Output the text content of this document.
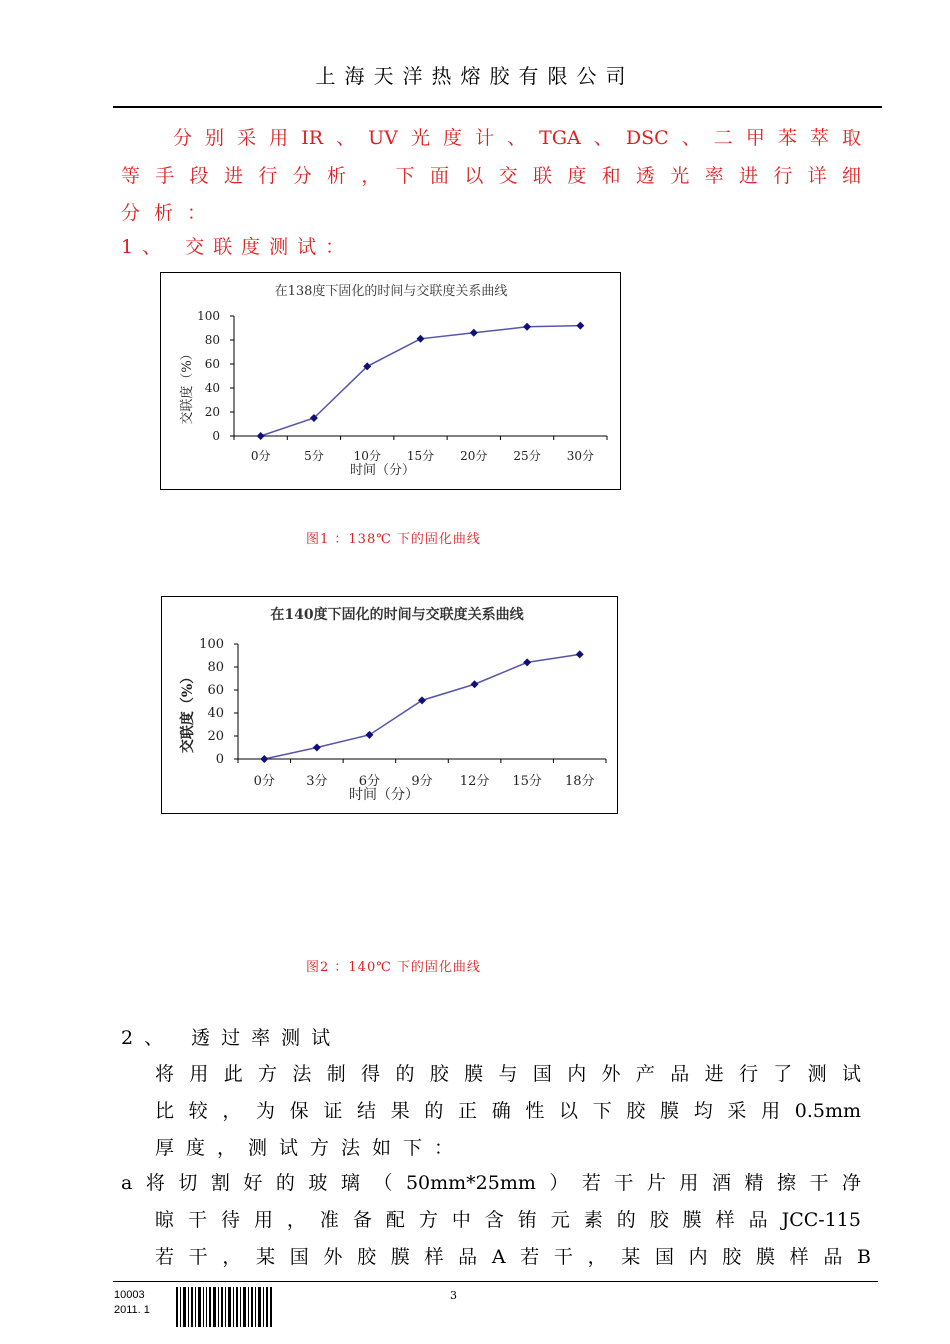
上海天洋热熔胶有限公司
分别采用IR、UV光度计、TGA、DSC、二甲苯萃取
等手段进行分析，下面以交联度和透光率进行详细
分析：
1、 交联度测试：
在138度下固化的时间与交联度关系曲线
0
20
40
60
80
100
0分	5分 10分 15分 20分 25分 30分
时间（分）
交联度（%）
图1 ：138℃ 下的固化曲线
在140度下固化的时间与交联度关系曲线
0
20
40
60
80
100
0分 3分 6分 9分 12分 15分 18分
时间（分）
交联度（%）
图2 ：140℃ 下的固化曲线
2、 透过率测试
将用此方法制得的胶膜与国内外产品进行了测试
比较，为保证结果的正确性以下胶膜均采用0.5mm
厚度，测试方法如下：
a将切割好的玻璃（50mm*25mm）若干片用酒精擦干净
晾干待用，准备配方中含铕元素的胶膜样品JCC-115
若干，某国外胶膜样品A若干，某国内胶膜样品B
10003
2011. 1
3
